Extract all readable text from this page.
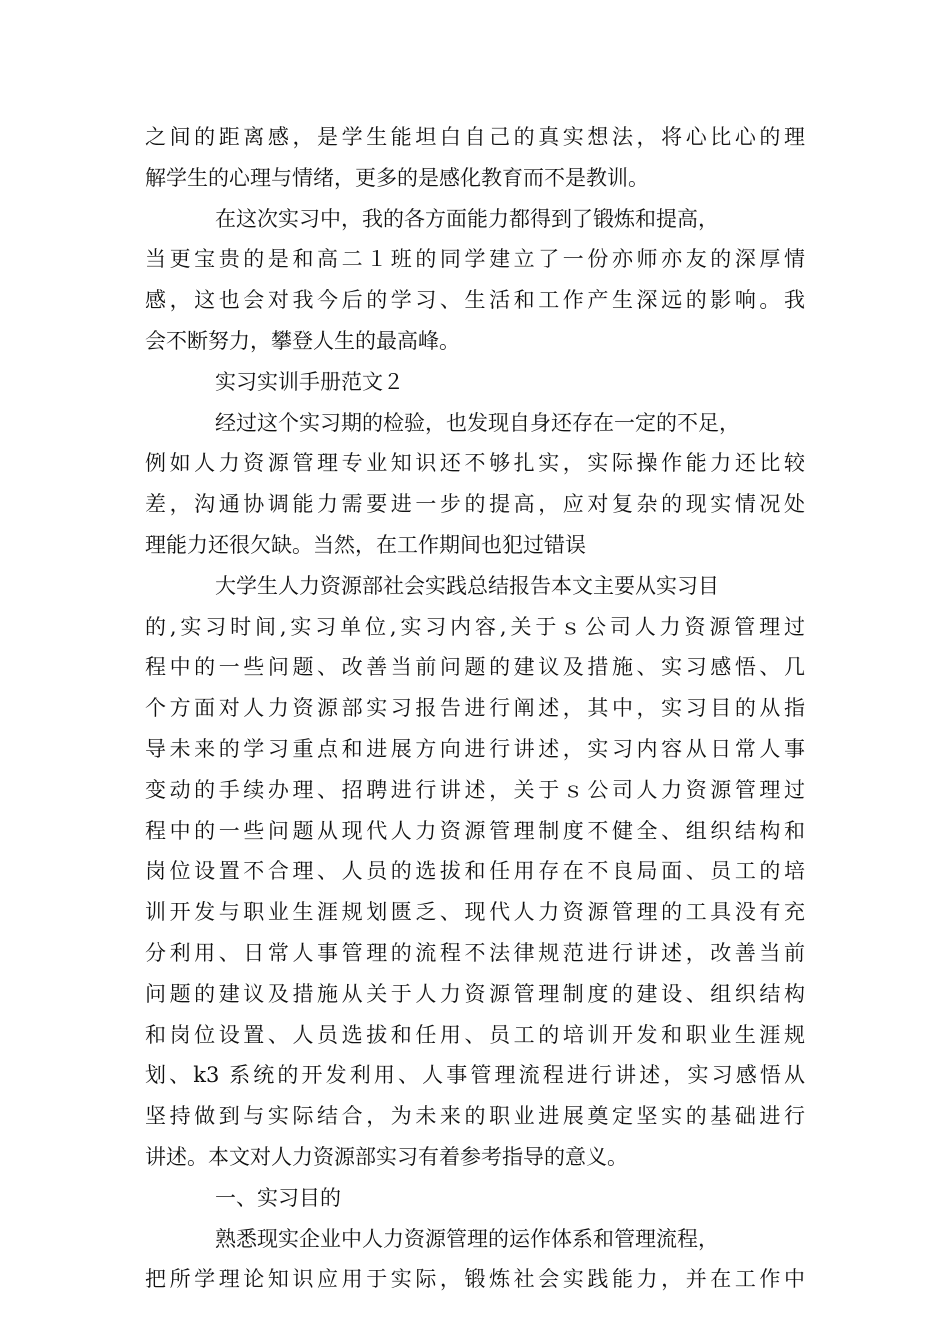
之间的距离感，是学生能坦白自己的真实想法，将心比心的理
解学生的心理与情绪，更多的是感化教育而不是教训。
在这次实习中，我的各方面能力都得到了锻炼和提高，
当更宝贵的是和高二１班的同学建立了一份亦师亦友的深厚情
感，这也会对我今后的学习、生活和工作产生深远的影响。我
会不断努力，攀登人生的最高峰。
实习实训手册范文２
经过这个实习期的检验，也发现自身还存在一定的不足，
例如人力资源管理专业知识还不够扎实，实际操作能力还比较
差，沟通协调能力需要进一步的提高，应对复杂的现实情况处
理能力还很欠缺。当然，在工作期间也犯过错误
大学生人力资源部社会实践总结报告本文主要从实习目
的,实习时间,实习单位,实习内容,关于ｓ公司人力资源管理过
程中的一些问题、改善当前问题的建议及措施、实习感悟、几
个方面对人力资源部实习报告进行阐述，其中，实习目的从指
导未来的学习重点和进展方向进行讲述，实习内容从日常人事
变动的手续办理、招聘进行讲述，关于ｓ公司人力资源管理过
程中的一些问题从现代人力资源管理制度不健全、组织结构和
岗位设置不合理、人员的选拔和任用存在不良局面、员工的培
训开发与职业生涯规划匮乏、现代人力资源管理的工具没有充
分利用、日常人事管理的流程不法律规范进行讲述，改善当前
问题的建议及措施从关于人力资源管理制度的建设、组织结构
和岗位设置、人员选拔和任用、员工的培训开发和职业生涯规
划、k3 系统的开发利用、人事管理流程进行讲述，实习感悟从
坚持做到与实际结合，为未来的职业进展奠定坚实的基础进行
讲述。本文对人力资源部实习有着参考指导的意义。
一、实习目的
熟悉现实企业中人力资源管理的运作体系和管理流程，
把所学理论知识应用于实际，锻炼社会实践能力，并在工作中
